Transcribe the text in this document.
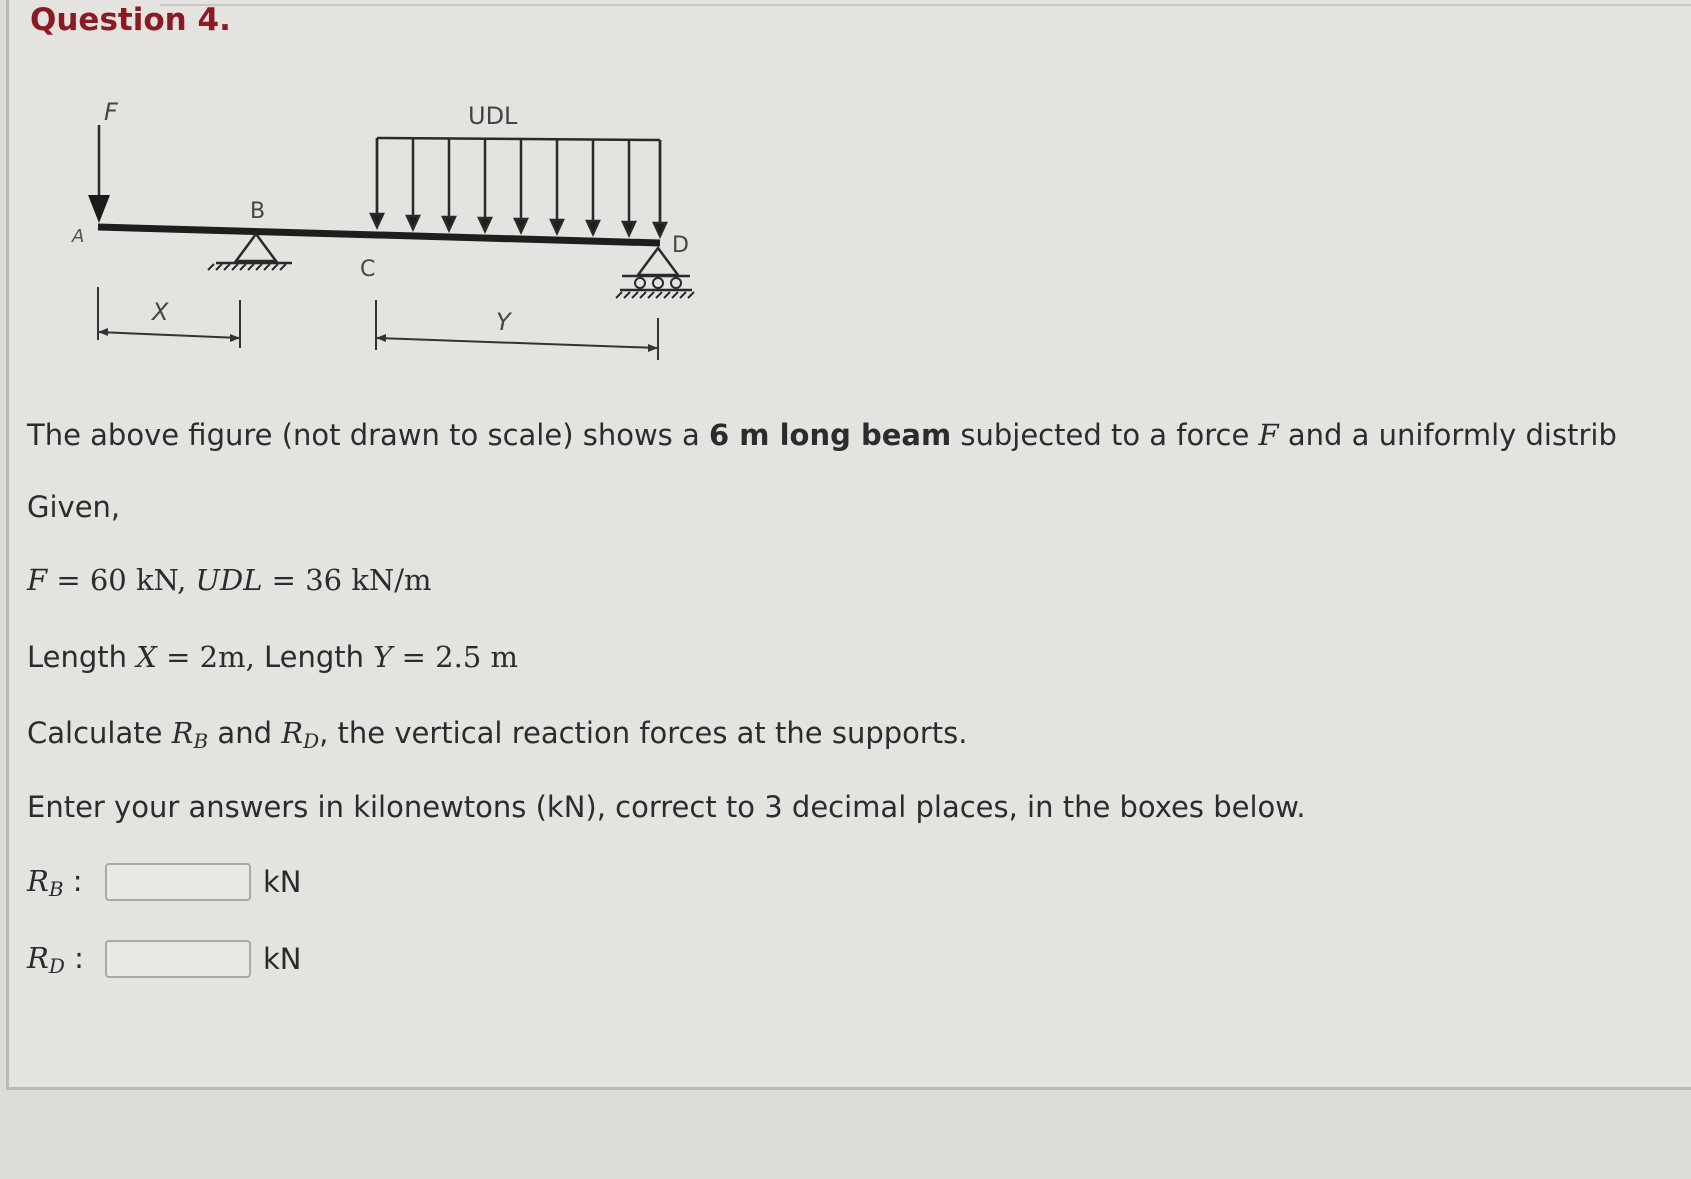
Question 4.
F
A
B
UDL
C
D
X	Y
The above figure (not drawn to scale) shows a 6 m long beam subjected to a force F and a uniformly distrib
Given,
F = 60 kN, UDL = 36 kN/m
Length X = 2m, Length Y = 2.5 m
Calculate $R_B$ and $R_D$, the vertical reaction forces at the supports.
Enter your answers in kilonewtons (kN), correct to 3 decimal places, in the boxes below.
$R_B$ :	kN
$R_D$ :	kN
